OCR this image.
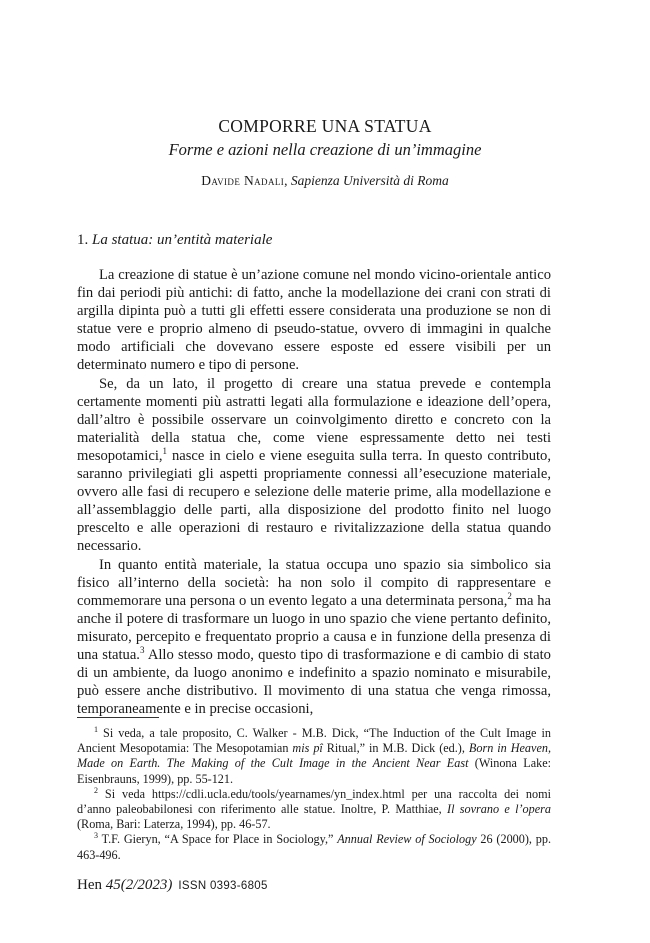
COMPORRE UNA STATUA
Forme e azioni nella creazione di un’immagine
Davide Nadali, Sapienza Università di Roma
1. La statua: un’entità materiale

La creazione di statue è un’azione comune nel mondo vicino-orientale antico fin dai periodi più antichi: di fatto, anche la modellazione dei crani con strati di argilla dipinta può a tutti gli effetti essere considerata una produzione se non di statue vere e proprio almeno di pseudo-statue, ovvero di immagini in qualche modo artificiali che dovevano essere esposte ed essere visibili per un determinato numero e tipo di persone.

Se, da un lato, il progetto di creare una statua prevede e contempla certamente momenti più astratti legati alla formulazione e ideazione dell’opera, dall’altro è possibile osservare un coinvolgimento diretto e concreto con la materialità della statua che, come viene espressamente detto nei testi mesopotamici,$^1$ nasce in cielo e viene eseguita sulla terra. In questo contributo, saranno privilegiati gli aspetti propriamente connessi all’esecuzione materiale, ovvero alle fasi di recupero e selezione delle materie prime, alla modellazione e all’assemblaggio delle parti, alla disposizione del prodotto finito nel luogo prescelto e alle operazioni di restauro e rivitalizzazione della statua quando necessario.

In quanto entità materiale, la statua occupa uno spazio sia simbolico sia fisico all’interno della società: ha non solo il compito di rappresentare e commemorare una persona o un evento legato a una determinata persona,$^2$ ma ha anche il potere di trasformare un luogo in uno spazio che viene pertanto definito, misurato, percepito e frequentato proprio a causa e in funzione della presenza di una statua.$^3$ Allo stesso modo, questo tipo di trasformazione e di cambio di stato di un ambiente, da luogo anonimo e indefinito a spazio nominato e misurabile, può essere anche distributivo. Il movimento di una statua che venga rimossa, temporaneamente e in precise occasioni,

$^1$ Si veda, a tale proposito, C. Walker - M.B. Dick, “The Induction of the Cult Image in Ancient Mesopotamia: The Mesopotamian mis pî Ritual,” in M.B. Dick (ed.), Born in Heaven, Made on Earth. The Making of the Cult Image in the Ancient Near East (Winona Lake: Eisenbrauns, 1999), pp. 55-121.

$^2$ Si veda https://cdli.ucla.edu/tools/yearnames/yn_index.html per una raccolta dei nomi d’anno paleobabilonesi con riferimento alle statue. Inoltre, P. Matthiae, Il sovrano e l’opera (Roma, Bari: Laterza, 1994), pp. 46-57.

$^3$ T.F. Gieryn, “A Space for Place in Sociology,” Annual Review of Sociology 26 (2000), pp. 463-496.

Hen 45(2/2023) ISSN 0393-6805
